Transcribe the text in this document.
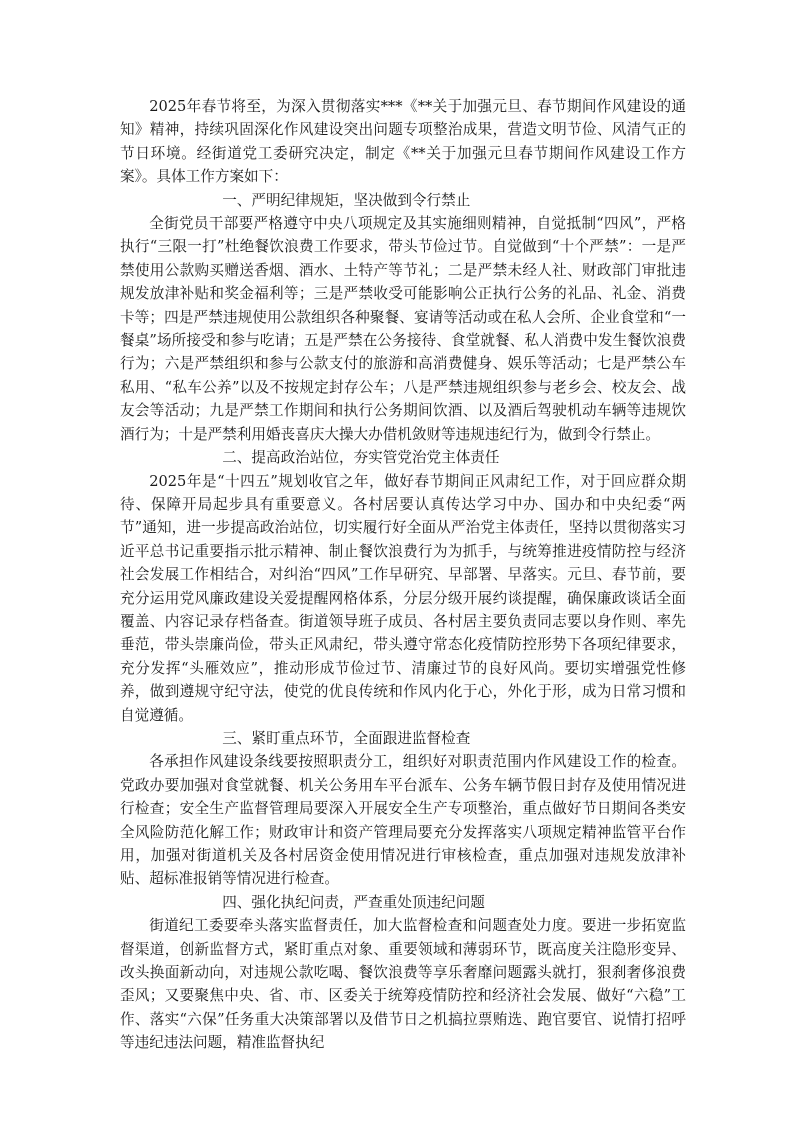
2025年春节将至，为深入贯彻落实***《**关于加强元旦、春节期间作风建设的通知》精神，持续巩固深化作风建设突出问题专项整治成果，营造文明节俭、风清气正的节日环境。经街道党工委研究决定，制定《**关于加强元旦春节期间作风建设工作方案》。具体工作方案如下：

一、严明纪律规矩，坚决做到令行禁止

全街党员干部要严格遵守中央八项规定及其实施细则精神，自觉抵制“四风”，严格执行“三限一打”杜绝餐饮浪费工作要求，带头节俭过节。自觉做到“十个严禁”：一是严禁使用公款购买赠送香烟、酒水、土特产等节礼；二是严禁未经人社、财政部门审批违规发放津补贴和奖金福利等；三是严禁收受可能影响公正执行公务的礼品、礼金、消费卡等；四是严禁违规使用公款组织各种聚餐、宴请等活动或在私人会所、企业食堂和“一餐桌”场所接受和参与吃请；五是严禁在公务接待、食堂就餐、私人消费中发生餐饮浪费行为；六是严禁组织和参与公款支付的旅游和高消费健身、娱乐等活动；七是严禁公车私用、“私车公养”以及不按规定封存公车；八是严禁违规组织参与老乡会、校友会、战友会等活动；九是严禁工作期间和执行公务期间饮酒、以及酒后驾驶机动车辆等违规饮酒行为；十是严禁利用婚丧喜庆大操大办借机敛财等违规违纪行为，做到令行禁止。

二、提高政治站位，夯实管党治党主体责任

2025年是“十四五”规划收官之年，做好春节期间正风肃纪工作，对于回应群众期待、保障开局起步具有重要意义。各村居要认真传达学习中办、国办和中央纪委“两节”通知，进一步提高政治站位，切实履行好全面从严治党主体责任，坚持以贯彻落实习近平总书记重要指示批示精神、制止餐饮浪费行为为抓手，与统筹推进疫情防控与经济社会发展工作相结合，对纠治“四风”工作早研究、早部署、早落实。元旦、春节前，要充分运用党风廉政建设关爱提醒网格体系，分层分级开展约谈提醒，确保廉政谈话全面覆盖、内容记录存档备查。街道领导班子成员、各村居主要负责同志要以身作则、率先垂范，带头崇廉尚俭，带头正风肃纪，带头遵守常态化疫情防控形势下各项纪律要求，充分发挥“头雁效应”，推动形成节俭过节、清廉过节的良好风尚。要切实增强党性修养，做到遵规守纪守法，使党的优良传统和作风内化于心，外化于形，成为日常习惯和自觉遵循。

三、紧盯重点环节，全面跟进监督检查

各承担作风建设条线要按照职责分工，组织好对职责范围内作风建设工作的检查。党政办要加强对食堂就餐、机关公务用车平台派车、公务车辆节假日封存及使用情况进行检查；安全生产监督管理局要深入开展安全生产专项整治，重点做好节日期间各类安全风险防范化解工作；财政审计和资产管理局要充分发挥落实八项规定精神监管平台作用，加强对街道机关及各村居资金使用情况进行审核检查，重点加强对违规发放津补贴、超标准报销等情况进行检查。

四、强化执纪问责，严查重处顶违纪问题

街道纪工委要牵头落实监督责任，加大监督检查和问题查处力度。要进一步拓宽监督渠道，创新监督方式，紧盯重点对象、重要领域和薄弱环节，既高度关注隐形变异、改头换面新动向，对违规公款吃喝、餐饮浪费等享乐奢靡问题露头就打，狠刹奢侈浪费歪风；又要聚焦中央、省、市、区委关于统筹疫情防控和经济社会发展、做好“六稳”工作、落实“六保”任务重大决策部署以及借节日之机搞拉票贿选、跑官要官、说情打招呼等违纪违法问题，精准监督执纪
